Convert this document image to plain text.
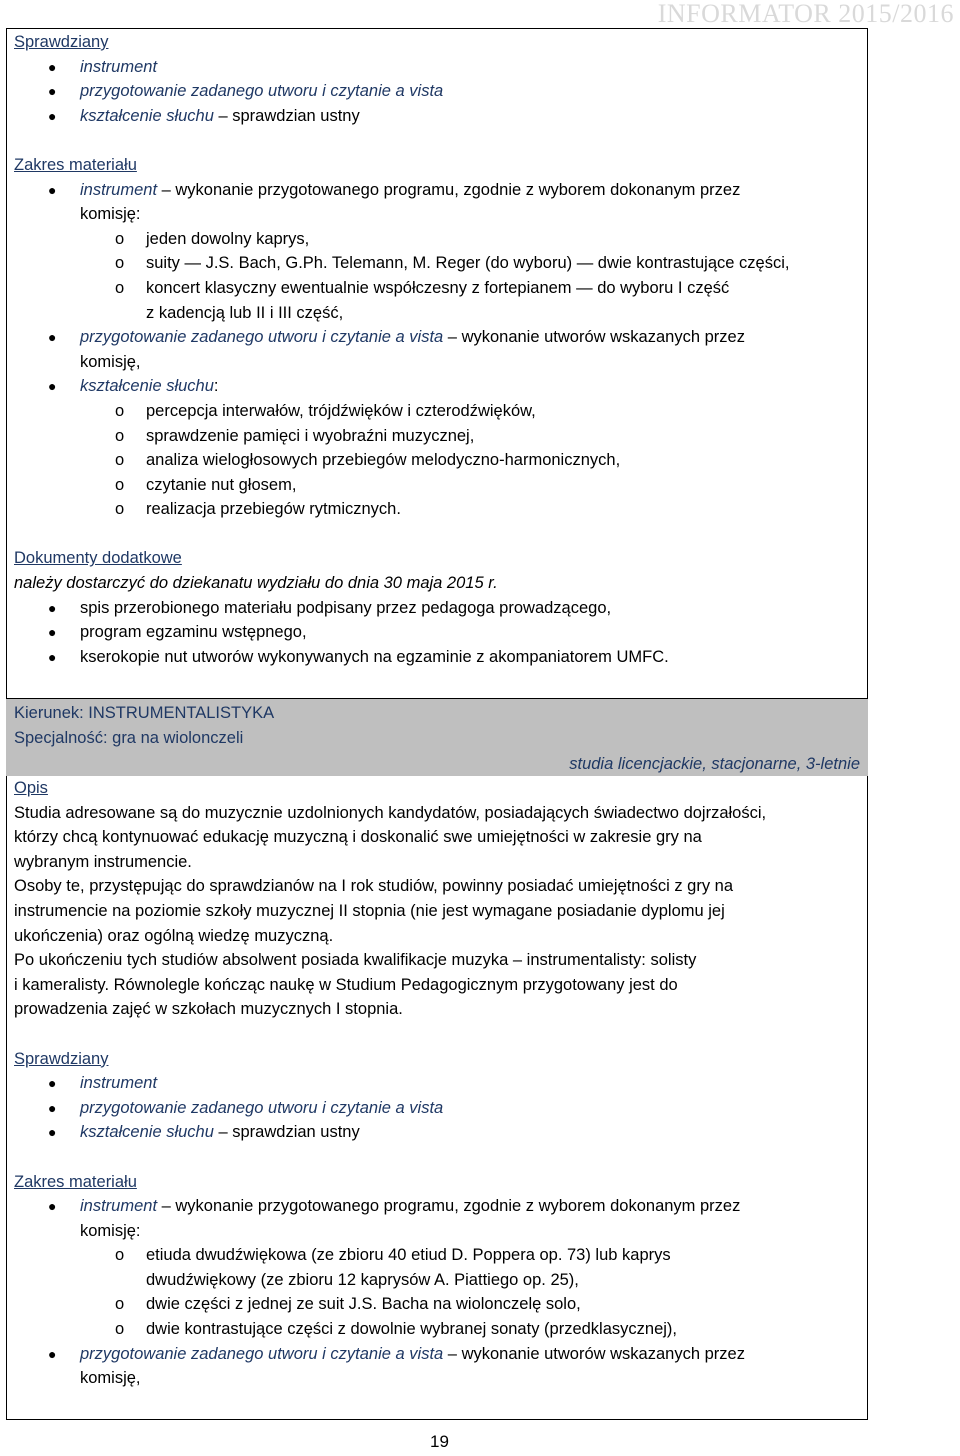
INFORMATOR 2015/2016
Sprawdziany
● instrument
● przygotowanie zadanego utworu i czytanie a vista
● kształcenie słuchu – sprawdzian ustny
Zakres materiału
● instrument – wykonanie przygotowanego programu, zgodnie z wyborem dokonanym przez
komisję:
o jeden dowolny kaprys,
o suity — J.S. Bach, G.Ph. Telemann, M. Reger (do wyboru) — dwie kontrastujące części,
o koncert klasyczny ewentualnie współczesny z fortepianem — do wyboru I część
z kadencją lub II i III część,
● przygotowanie zadanego utworu i czytanie a vista – wykonanie utworów wskazanych przez
komisję,
● kształcenie słuchu:
o percepcja interwałów, trójdźwięków i czterodźwięków,
o sprawdzenie pamięci i wyobraźni muzycznej,
o analiza wielogłosowych przebiegów melodyczno-harmonicznych,
o czytanie nut głosem,
o realizacja przebiegów rytmicznych.
Dokumenty dodatkowe
należy dostarczyć do dziekanatu wydziału do dnia 30 maja 2015 r.
● spis przerobionego materiału podpisany przez pedagoga prowadzącego,
● program egzaminu wstępnego,
● kserokopie nut utworów wykonywanych na egzaminie z akompaniatorem UMFC.
Kierunek: INSTRUMENTALISTYKA
Specjalność: gra na wiolonczeli
studia licencjackie, stacjonarne, 3-letnie
Opis
Studia adresowane są do muzycznie uzdolnionych kandydatów, posiadających świadectwo dojrzałości,
którzy chcą kontynuować edukację muzyczną i doskonalić swe umiejętności w zakresie gry na
wybranym instrumencie.
Osoby te, przystępując do sprawdzianów na I rok studiów, powinny posiadać umiejętności z gry na
instrumencie na poziomie szkoły muzycznej II stopnia (nie jest wymagane posiadanie dyplomu jej
ukończenia) oraz ogólną wiedzę muzyczną.
Po ukończeniu tych studiów absolwent posiada kwalifikacje muzyka – instrumentalisty: solisty
i kameralisty. Równolegle kończąc naukę w Studium Pedagogicznym przygotowany jest do
prowadzenia zajęć w szkołach muzycznych I stopnia.
Sprawdziany
● instrument
● przygotowanie zadanego utworu i czytanie a vista
● kształcenie słuchu – sprawdzian ustny
Zakres materiału
● instrument – wykonanie przygotowanego programu, zgodnie z wyborem dokonanym przez
komisję:
o etiuda dwudźwiękowa (ze zbioru 40 etiud D. Poppera op. 73) lub kaprys
dwudźwiękowy (ze zbioru 12 kaprysów A. Piattiego op. 25),
o dwie części z jednej ze suit J.S. Bacha na wiolonczelę solo,
o dwie kontrastujące części z dowolnie wybranej sonaty (przedklasycznej),
● przygotowanie zadanego utworu i czytanie a vista – wykonanie utworów wskazanych przez
komisję,
19
